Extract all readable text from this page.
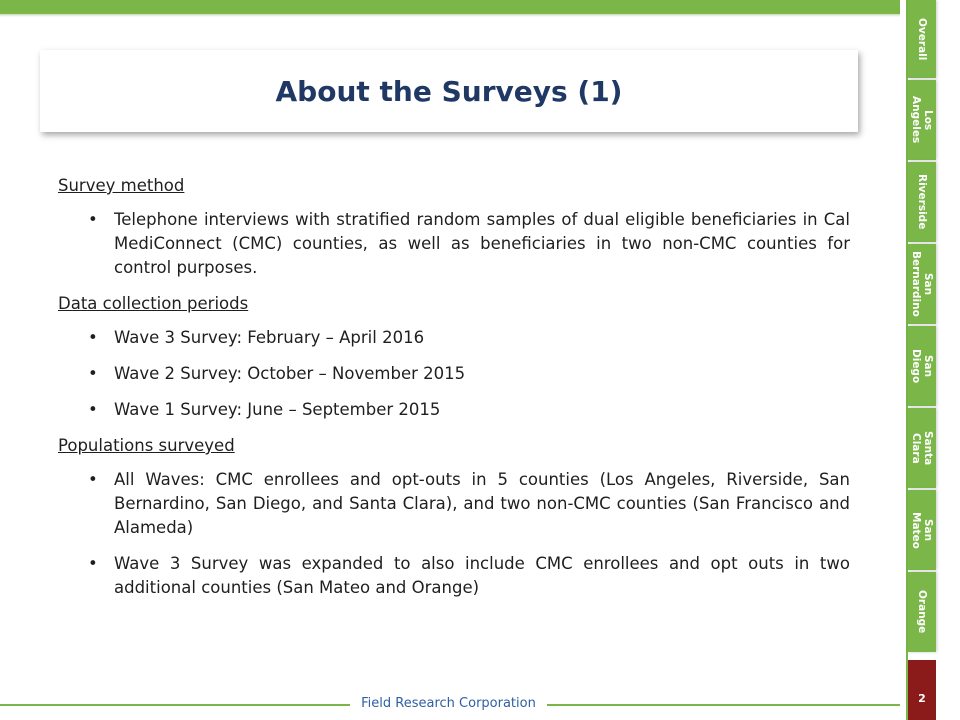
About the Surveys (1)

Survey method

• Telephone interviews with stratified random samples of dual eligible beneficiaries in Cal MediConnect (CMC) counties, as well as beneficiaries in two non-CMC counties for control purposes.

Data collection periods

• Wave 3 Survey: February – April 2016

• Wave 2 Survey: October – November 2015

• Wave 1 Survey: June – September 2015

Populations surveyed

• All Waves: CMC enrollees and opt-outs in 5 counties (Los Angeles, Riverside, San Bernardino, San Diego, and Santa Clara), and two non-CMC counties (San Francisco and Alameda)

• Wave 3 Survey was expanded to also include CMC enrollees and opt outs in two additional counties (San Mateo and Orange)

Field Research Corporation
Overall
Los
Angeles
Riverside
San
Bernardino
San
Diego
Santa
Clara
San
Mateo
Orange
2
